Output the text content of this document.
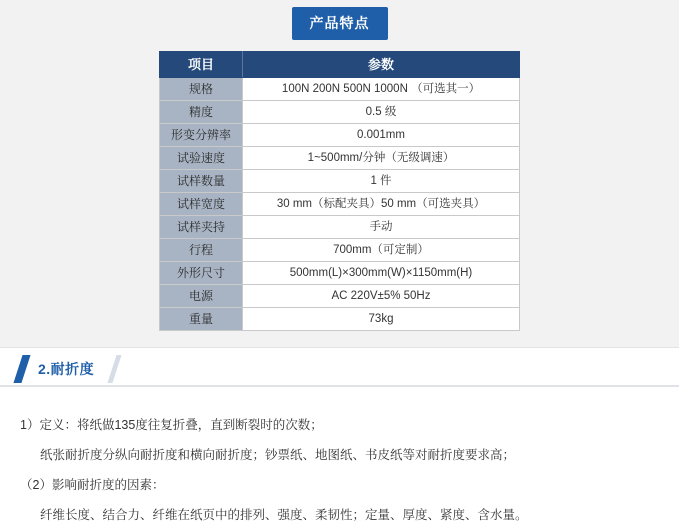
产品特点
项目	参数
规格	100N 200N 500N 1000N （可选其一）
精度	0.5 级
形变分辨率	0.001mm
试验速度	1~500mm/分钟（无级调速）
试样数量	1 件
试样宽度	30 mm（标配夹具）50 mm（可选夹具）
试样夹持	手动
行程	700mm（可定制）
外形尺寸	500mm(L)×300mm(W)×1150mm(H)
电源	AC 220V±5% 50Hz
重量	73kg
2.耐折度

1）定义：将纸做135度往复折叠，直到断裂时的次数；

纸张耐折度分纵向耐折度和横向耐折度；钞票纸、地图纸、书皮纸等对耐折度要求高；

（2）影响耐折度的因素：

纤维长度、结合力、纤维在纸页中的排列、强度、柔韧性；定量、厚度、紧度、含水量。
